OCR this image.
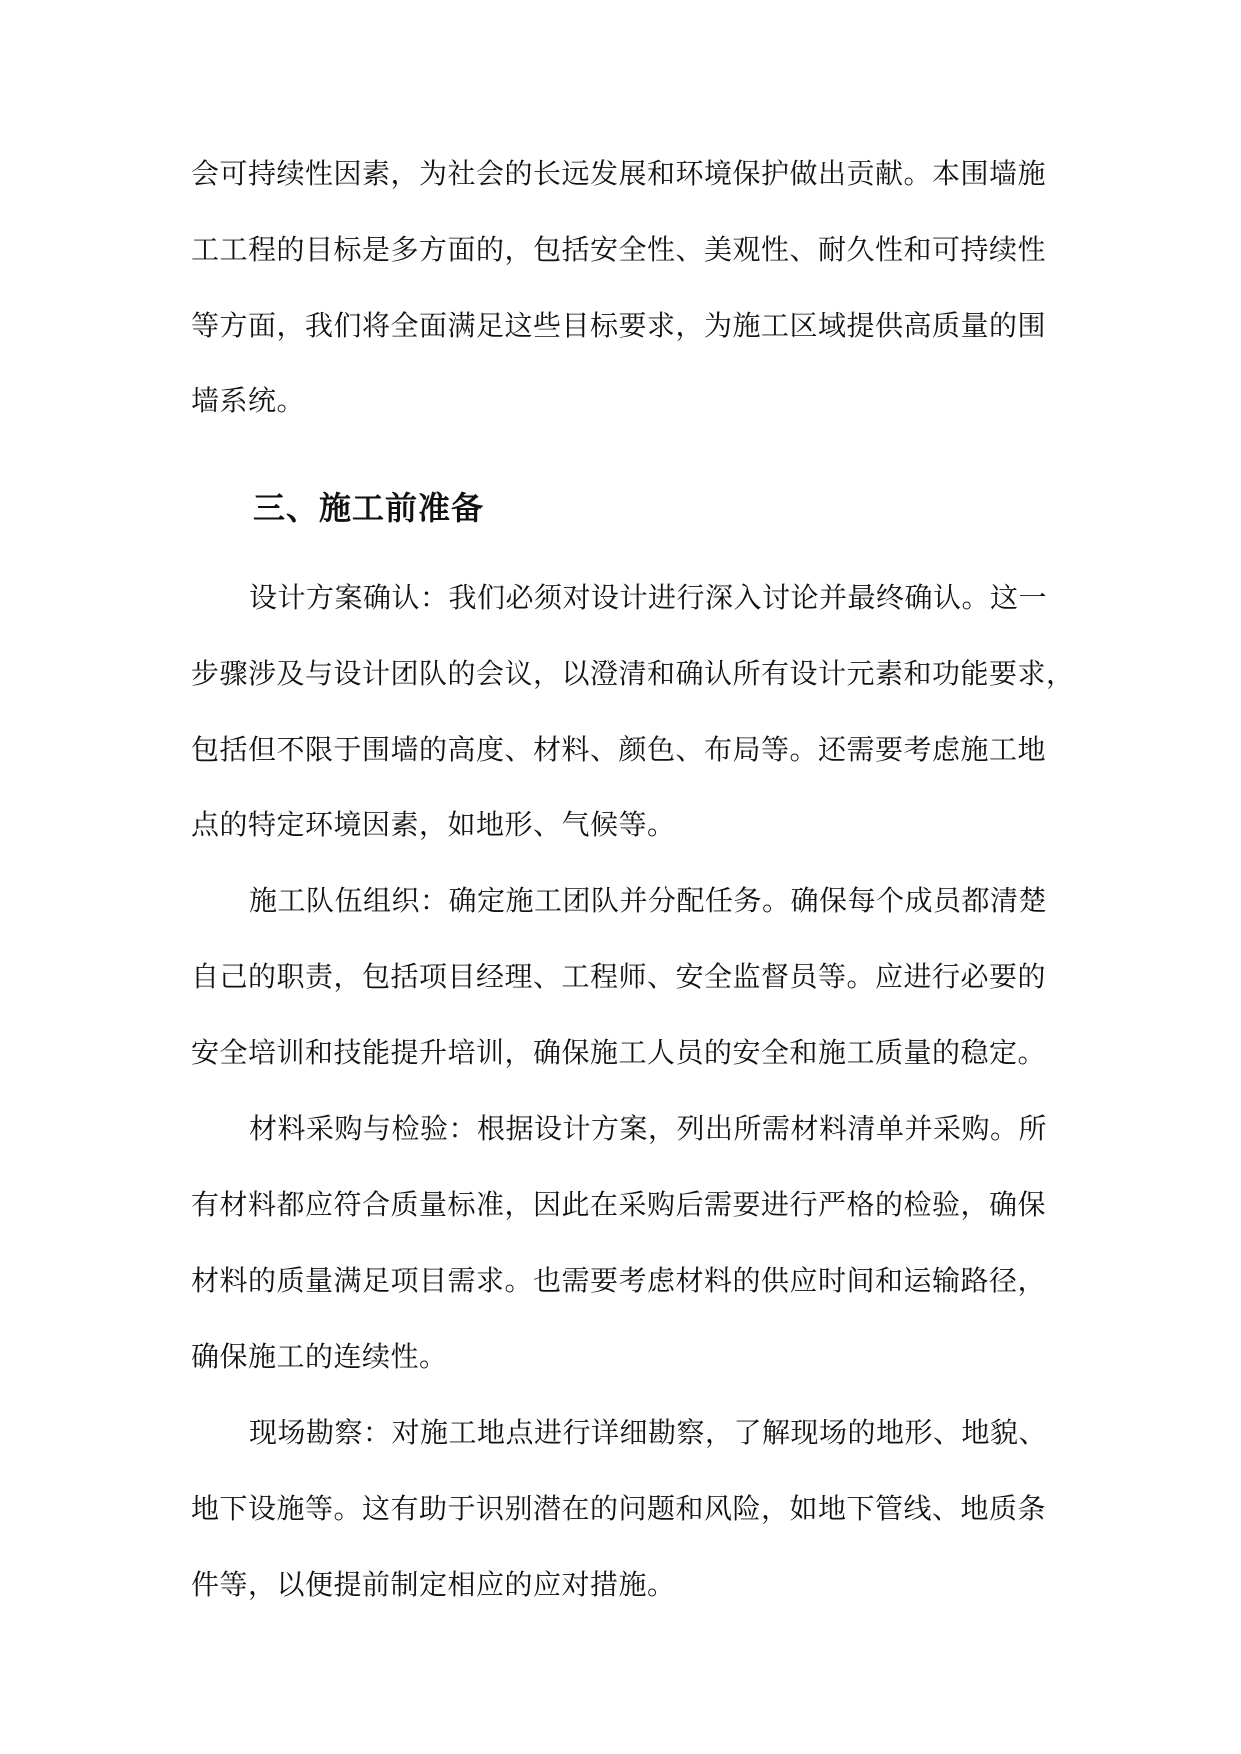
会可持续性因素，为社会的长远发展和环境保护做出贡献。本围墙施
工工程的目标是多方面的，包括安全性、美观性、耐久性和可持续性
等方面，我们将全面满足这些目标要求，为施工区域提供高质量的围
墙系统。
三、施工前准备
设计方案确认：我们必须对设计进行深入讨论并最终确认。这一
步骤涉及与设计团队的会议，以澄清和确认所有设计元素和功能要求，
包括但不限于围墙的高度、材料、颜色、布局等。还需要考虑施工地
点的特定环境因素，如地形、气候等。
施工队伍组织：确定施工团队并分配任务。确保每个成员都清楚
自己的职责，包括项目经理、工程师、安全监督员等。应进行必要的
安全培训和技能提升培训，确保施工人员的安全和施工质量的稳定。
材料采购与检验：根据设计方案，列出所需材料清单并采购。所
有材料都应符合质量标准，因此在采购后需要进行严格的检验，确保
材料的质量满足项目需求。也需要考虑材料的供应时间和运输路径，
确保施工的连续性。
现场勘察：对施工地点进行详细勘察，了解现场的地形、地貌、
地下设施等。这有助于识别潜在的问题和风险，如地下管线、地质条
件等，以便提前制定相应的应对措施。
